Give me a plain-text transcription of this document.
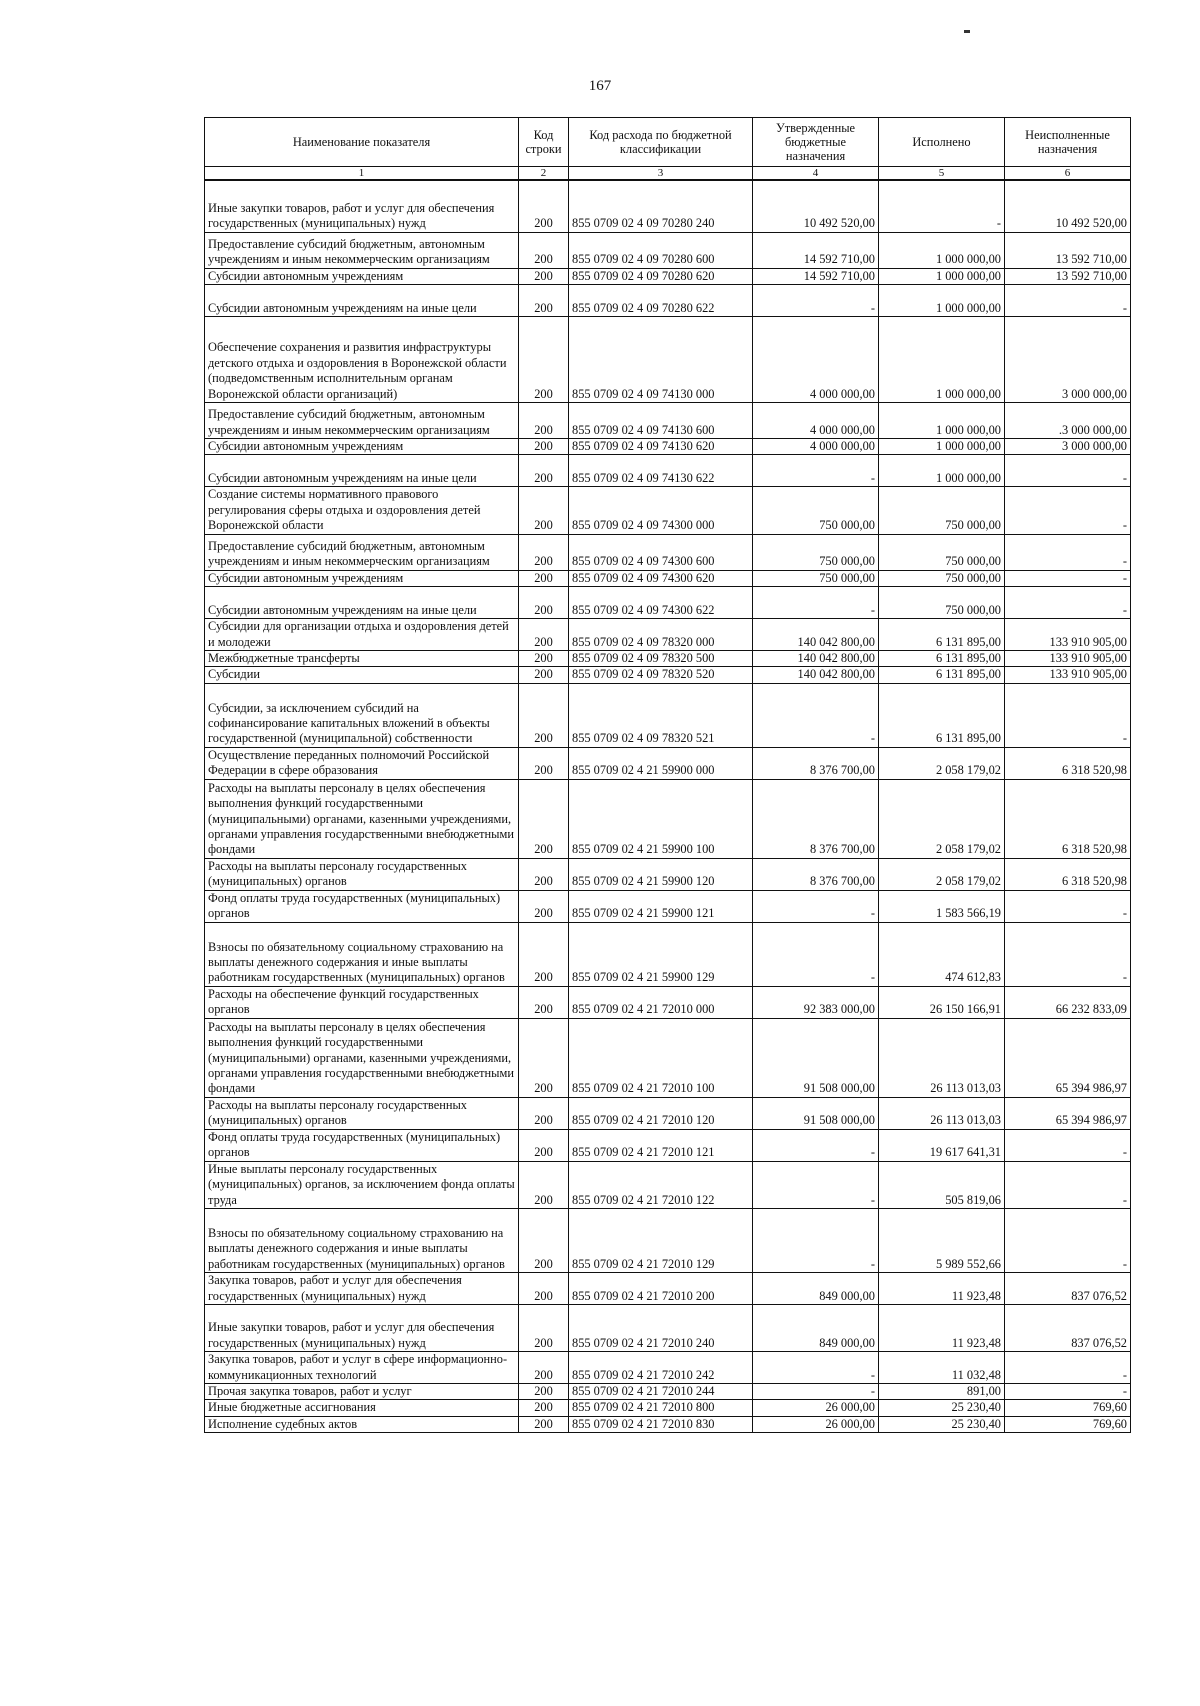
167
Наименование показателя	Код строки	Код расхода по бюджетной классификации	Утвержденные бюджетные назначения	Исполнено	Неисполненные назначения
1	2	3	4	5	6
Иные закупки товаров, работ и услуг для обеспечения государственных (муниципальных) нужд	200	855 0709 02 4 09 70280 240	10 492 520,00	-	10 492 520,00
Предоставление субсидий бюджетным, автономным учреждениям и иным некоммерческим организациям	200	855 0709 02 4 09 70280 600	14 592 710,00	1 000 000,00	13 592 710,00
Субсидии автономным учреждениям	200	855 0709 02 4 09 70280 620	14 592 710,00	1 000 000,00	13 592 710,00
Субсидии автономным учреждениям на иные цели	200	855 0709 02 4 09 70280 622	-	1 000 000,00	-
Обеспечение сохранения и развития инфраструктуры детского отдыха и оздоровления в Воронежской области (подведомственным исполнительным органам Воронежской области организаций)	200	855 0709 02 4 09 74130 000	4 000 000,00	1 000 000,00	3 000 000,00
Предоставление субсидий бюджетным, автономным учреждениям и иным некоммерческим организациям	200	855 0709 02 4 09 74130 600	4 000 000,00	1 000 000,00	.3 000 000,00
Субсидии автономным учреждениям	200	855 0709 02 4 09 74130 620	4 000 000,00	1 000 000,00	3 000 000,00
Субсидии автономным учреждениям на иные цели	200	855 0709 02 4 09 74130 622	-	1 000 000,00	-
Создание системы нормативного правового регулирования сферы отдыха и оздоровления детей Воронежской области	200	855 0709 02 4 09 74300 000	750 000,00	750 000,00	-
Предоставление субсидий бюджетным, автономным учреждениям и иным некоммерческим организациям	200	855 0709 02 4 09 74300 600	750 000,00	750 000,00	-
Субсидии автономным учреждениям	200	855 0709 02 4 09 74300 620	750 000,00	750 000,00	-
Субсидии автономным учреждениям на иные цели	200	855 0709 02 4 09 74300 622	-	750 000,00	-
Субсидии для организации отдыха и оздоровления детей и молодежи	200	855 0709 02 4 09 78320 000	140 042 800,00	6 131 895,00	133 910 905,00
Межбюджетные трансферты	200	855 0709 02 4 09 78320 500	140 042 800,00	6 131 895,00	133 910 905,00
Субсидии	200	855 0709 02 4 09 78320 520	140 042 800,00	6 131 895,00	133 910 905,00
Субсидии, за исключением субсидий на софинансирование капитальных вложений в объекты государственной (муниципальной) собственности	200	855 0709 02 4 09 78320 521	-	6 131 895,00	-
Осуществление переданных полномочий Российской Федерации в сфере образования	200	855 0709 02 4 21 59900 000	8 376 700,00	2 058 179,02	6 318 520,98
Расходы на выплаты персоналу в целях обеспечения выполнения функций государственными (муниципальными) органами, казенными учреждениями, органами управления государственными внебюджетными фондами	200	855 0709 02 4 21 59900 100	8 376 700,00	2 058 179,02	6 318 520,98
Расходы на выплаты персоналу государственных (муниципальных) органов	200	855 0709 02 4 21 59900 120	8 376 700,00	2 058 179,02	6 318 520,98
Фонд оплаты труда государственных (муниципальных) органов	200	855 0709 02 4 21 59900 121	-	1 583 566,19	-
Взносы по обязательному социальному страхованию на выплаты денежного содержания и иные выплаты работникам государственных (муниципальных) органов	200	855 0709 02 4 21 59900 129	-	474 612,83	-
Расходы на обеспечение функций государственных органов	200	855 0709 02 4 21 72010 000	92 383 000,00	26 150 166,91	66 232 833,09
Расходы на выплаты персоналу в целях обеспечения выполнения функций государственными (муниципальными) органами, казенными учреждениями, органами управления государственными внебюджетными фондами	200	855 0709 02 4 21 72010 100	91 508 000,00	26 113 013,03	65 394 986,97
Расходы на выплаты персоналу государственных (муниципальных) органов	200	855 0709 02 4 21 72010 120	91 508 000,00	26 113 013,03	65 394 986,97
Фонд оплаты труда государственных (муниципальных) органов	200	855 0709 02 4 21 72010 121	-	19 617 641,31	-
Иные выплаты персоналу государственных (муниципальных) органов, за исключением фонда оплаты труда	200	855 0709 02 4 21 72010 122	-	505 819,06	-
Взносы по обязательному социальному страхованию на выплаты денежного содержания и иные выплаты работникам государственных (муниципальных) органов	200	855 0709 02 4 21 72010 129	-	5 989 552,66	-
Закупка товаров, работ и услуг для обеспечения государственных (муниципальных) нужд	200	855 0709 02 4 21 72010 200	849 000,00	11 923,48	837 076,52
Иные закупки товаров, работ и услуг для обеспечения государственных (муниципальных) нужд	200	855 0709 02 4 21 72010 240	849 000,00	11 923,48	837 076,52
Закупка товаров, работ и услуг в сфере информационно-коммуникационных технологий	200	855 0709 02 4 21 72010 242	-	11 032,48	-
Прочая закупка товаров, работ и услуг	200	855 0709 02 4 21 72010 244	-	891,00	-
Иные бюджетные ассигнования	200	855 0709 02 4 21 72010 800	26 000,00	25 230,40	769,60
Исполнение судебных актов	200	855 0709 02 4 21 72010 830	26 000,00	25 230,40	769,60
